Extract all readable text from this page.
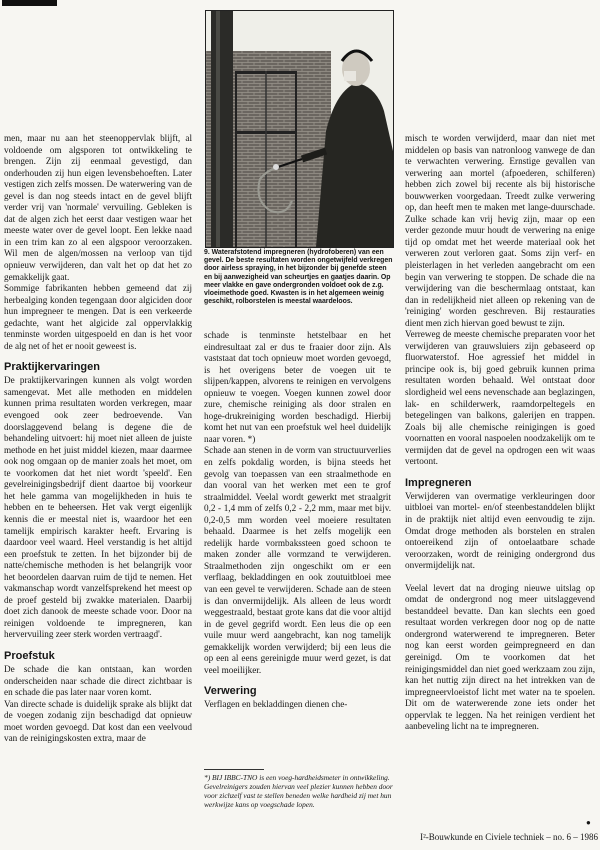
men, maar nu aan het steenoppervlak blijft, al voldoende om algsporen tot ontwikkeling te brengen. Zijn zij eenmaal gevestigd, dan onderhouden zij hun eigen levensbehoeften. Later vestigen zich zelfs mossen. De waterwering van de gevel is dan nog steeds intact en de gevel blijft verder vrij van 'normale' vervuiling. Gebleken is dat de algen zich het eerst daar vestigen waar het meeste water over de gevel loopt. Een lekke naad in een trim kan zo al een algspoor veroorzaken. Wil men de algen/mossen na verloop van tijd opnieuw verwijderen, dan valt het op dat het zo gemakkelijk gaat.

Sommige fabrikanten hebben gemeend dat zij herbealging konden tegengaan door algiciden door hun impregneer te mengen. Dat is een verkeerde gedachte, want het algicide zal oppervlakkig tenminste worden uitgespoeld en dan is het voor de alg net of het er nooit geweest is.

Praktijkervaringen

De praktijkervaringen kunnen als volgt worden samengevat. Met alle methoden en middelen kunnen prima resultaten worden verkregen, maar evengoed ook zeer bedroevende. Van doorslaggevend belang is degene die de behandeling uitvoert: hij moet niet alleen de juiste methode en het juist middel kiezen, maar daarmee ook nog omgaan op de manier zoals het moet, om te voorkomen dat het niet wordt 'speeld'. Een gevelreinigingsbedrijf dient daartoe bij voorkeur het hele gamma van mogelijkheden in huis te hebben en te beheersen. Het vak vergt eigenlijk kennis die er meestal niet is, waardoor het een tamelijk empirisch karakter heeft. Ervaring is daardoor veel waard. Heel verstandig is het altijd een proefstuk te zetten. In het bijzonder bij de natte/chemische methoden is het belangrijk voor het beoordelen daarvan ruim de tijd te nemen. Het vakmanschap wordt vanzelfsprekend het meest op de proef gesteld bij zwakke materialen. Daarbij doet zich danook de meeste schade voor. Door na reinigen voldoende te impregneren, kan hervervuiling zeer sterk worden vertraagd'.

Proefstuk

De schade die kan ontstaan, kan worden onderscheiden naar schade die direct zichtbaar is en schade die pas later naar voren komt.

Van directe schade is duidelijk sprake als blijkt dat de voegen zodanig zijn beschadigd dat opnieuw moet worden gevoegd. Dat kost dan een veelvoud van de reinigingskosten extra, maar de

9. Waterafstotend impregneren (hydrofoberen) van een gevel. De beste resultaten worden ongetwijfeld verkregen door airless spraying, in het bijzonder bij genefde steen en bij aanwezigheid van scheurtjes en gaatjes daarin. Op meer vlakke en gave ondergronden voldoet ook de z.g. vloeimethode goed. Kwasten is in het algemeen weinig geschikt, rolborstelen is meestal waardeloos.

schade is tenminste hetstelbaar en het eindresultaat zal er dus te fraaier door zijn. Als vaststaat dat toch opnieuw moet worden gevoegd, is het overigens beter de voegen uit te slijpen/kappen, alvorens te reinigen en vervolgens opnieuw te voegen. Voegen kunnen zowel door zure, chemische reiniging als door stralen en hoge-drukreiniging worden beschadigd. Hierbij komt het nut van een proefstuk wel heel duidelijk naar voren. *)

Schade aan stenen in de vorm van structuurverlies en zelfs pokdalig worden, is bijna steeds het gevolg van toepassen van een straalmethode en dan vooral van het werken met een te grof straalmiddel. Veelal wordt gewerkt met straalgrit 0,2 - 1,4 mm of zelfs 0,2 - 2,2 mm, maar met bijv. 0,2-0,5 mm worden veel moeiere resultaten behaald. Daarmee is het zelfs mogelijk een redelijk harde vormbakssteen goed schoon te maken zonder alle vormzand te verwijderen. Straalmethoden zijn ongeschikt om er een verflaag, bekladdingen en ook zoutuitbloei mee van een gevel te verwijderen. Schade aan de steen is dan onvermijdelijk. Als alleen de leus wordt weggestraald, bestaat grote kans dat die voor altijd in de gevel gegrifd wordt. Een leus die op een vuile muur werd aangebracht, kan nog tamelijk gemakkelijk worden verwijderd; bij een leus die op een al eens gereinigde muur werd gezet, is dat veel moeilijker.

Verwering

Verflagen en bekladdingen dienen che-

*) BIJ IBBC-TNO is een voeg-hardheidsmeter in ontwikkeling. Gevelreinigers zouden hiervan veel plezier kunnen hebben door voor zichzelf vast te stellen beneden welke hardheid zij met hun werkwijze kans op voegschade lopen.

misch te worden verwijderd, maar dan niet met middelen op basis van natronloog vanwege de dan te verwachten verwering. Ernstige gevallen van verwering aan mortel (afpoederen, schilferen) hebben zich zowel bij recente als bij historische bouwwerken voorgedaan. Treedt zulke verwering op, dan heeft men te maken met lange-duurschade. Zulke schade kan vrij hevig zijn, maar op een verder gezonde muur houdt de verwering na enige tijd op omdat met het weerde materiaal ook het verweren zout verloren gaat. Soms zijn verf- en pleisterlagen in het verleden aangebracht om een begin van verwering te stoppen. De schade die na verwijdering van die beschermlaag ontstaat, kan dan in redelijkheid niet alleen op rekening van de 'reiniging' worden geschreven. Bij restauraties dient men zich hiervan goed bewust te zijn.

Verreweg de meeste chemische preparaten voor het verwijderen van grauwsluiers zijn gebaseerd op fluorwaterstof. Hoe agressief het middel in principe ook is, bij goed gebruik kunnen prima resultaten worden behaald. Wel ontstaat door slordigheid wel eens nevenschade aan beglazingen, lak- en schilderwerk, raamdorpeltegels en betegelingen van balkons, galerijen en trappen. Zoals bij alle chemische reinigingen is goed voornatten en vooral naspoelen noodzakelijk om te vermijden dat de gevel na opdrogen een wit waas vertoont.

Impregneren

Verwijderen van overmatige verkleuringen door uitbloei van mortel- en/of steenbestanddelen blijkt in de praktijk niet altijd even eenvoudig te zijn. Omdat droge methoden als borstelen en stralen ontoereikend zijn of ontoelaatbare schade veroorzaken, wordt de reiniging ondergrond dus onvermijdelijk nat.

Veelal levert dat na droging nieuwe uitslag op omdat de ondergrond nog meer uitslaggevend bestanddeel bevatte. Dan kan slechts een goed resultaat worden verkregen door nog op de natte ondergrond waterwerend te impregneren. Beter nog kan eerst worden geimpregneerd en dan gereinigd. Om te voorkomen dat het reinigingsmiddel dan niet goed werkzaam zou zijn, kan het nuttig zijn direct na het intrekken van de impregneervloeistof licht met water na te spoelen. Dit om de waterwerende zone iets onder het oppervlak te leggen. Na het reinigen verdient het aanbeveling licht na te impregneren.

●
I²-Bouwkunde en Civiele techniek – no. 6 – 1986
